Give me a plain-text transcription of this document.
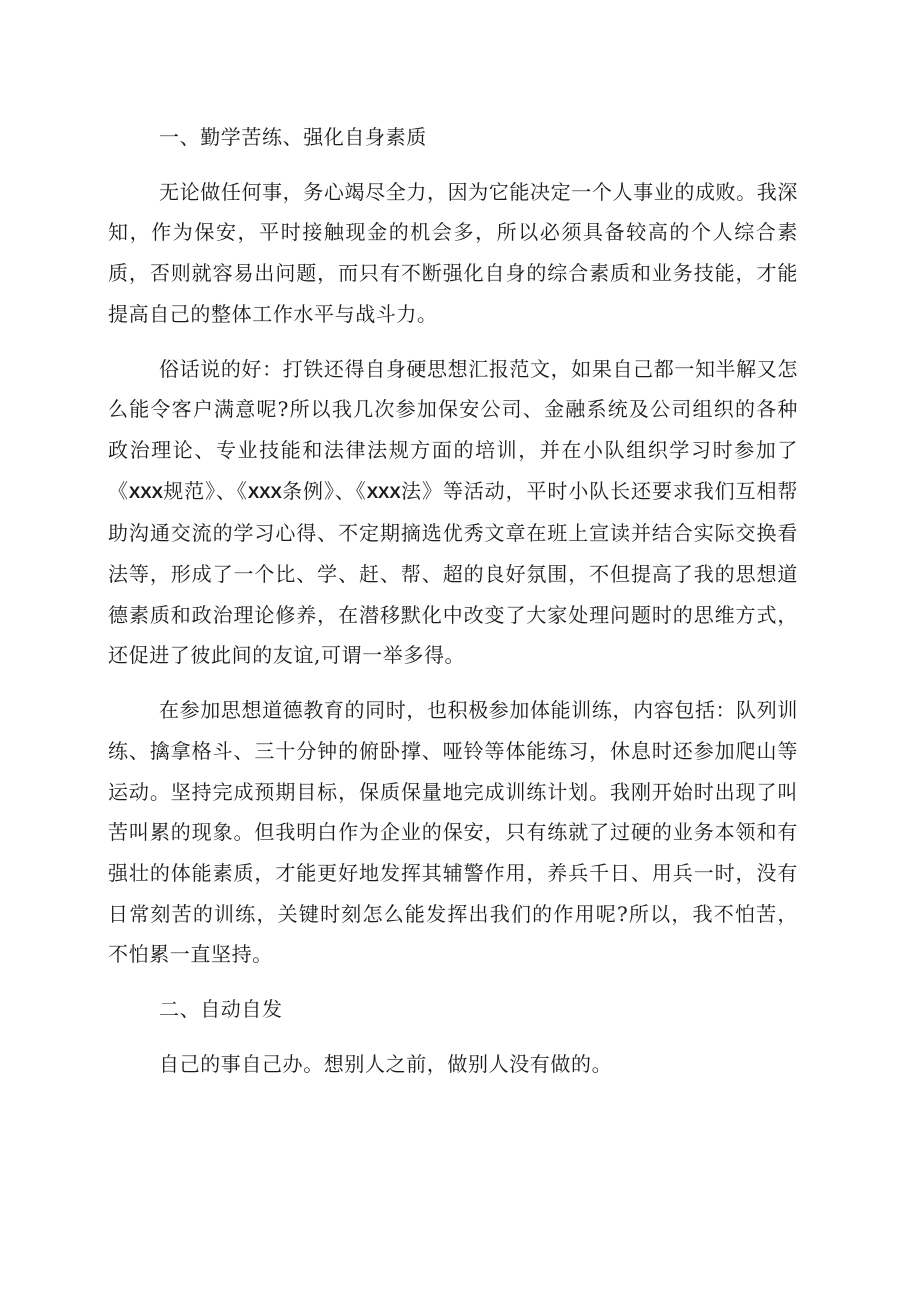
一、勤学苦练、强化自身素质

无论做任何事，务心竭尽全力，因为它能决定一个人事业的成败。我深知，作为保安，平时接触现金的机会多，所以必须具备较高的个人综合素质，否则就容易出问题，而只有不断强化自身的综合素质和业务技能，才能提高自己的整体工作水平与战斗力。

俗话说的好：打铁还得自身硬思想汇报范文，如果自己都一知半解又怎么能令客户满意呢?所以我几次参加保安公司、金融系统及公司组织的各种政治理论、专业技能和法律法规方面的培训，并在小队组织学习时参加了《XXX规范》、《XXX条例》、《XXX法》等活动，平时小队长还要求我们互相帮助沟通交流的学习心得、不定期摘选优秀文章在班上宣读并结合实际交换看法等，形成了一个比、学、赶、帮、超的良好氛围，不但提高了我的思想道德素质和政治理论修养，在潜移默化中改变了大家处理问题时的思维方式，还促进了彼此间的友谊,可谓一举多得。

在参加思想道德教育的同时，也积极参加体能训练，内容包括：队列训练、擒拿格斗、三十分钟的俯卧撑、哑铃等体能练习，休息时还参加爬山等运动。坚持完成预期目标，保质保量地完成训练计划。我刚开始时出现了叫苦叫累的现象。但我明白作为企业的保安，只有练就了过硬的业务本领和有强壮的体能素质，才能更好地发挥其辅警作用，养兵千日、用兵一时，没有日常刻苦的训练，关键时刻怎么能发挥出我们的作用呢?所以，我不怕苦，不怕累一直坚持。

二、自动自发

自己的事自己办。想别人之前，做别人没有做的。
